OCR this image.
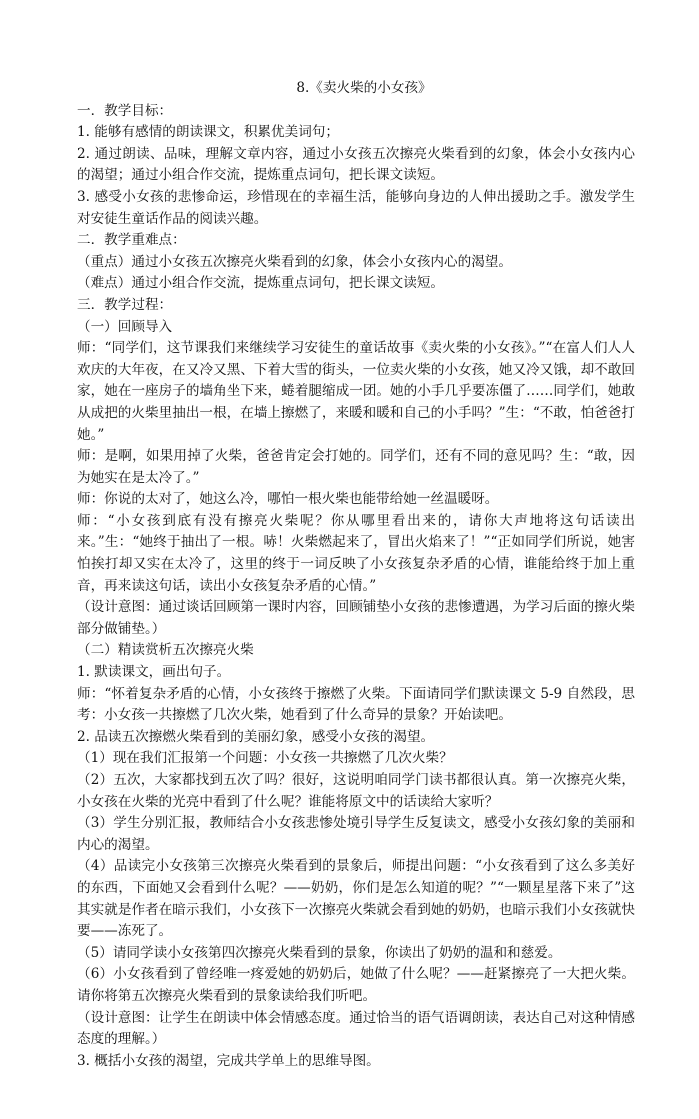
8.《卖火柴的小女孩》

一．教学目标：

1. 能够有感情的朗读课文，积累优美词句；

2. 通过朗读、品味，理解文章内容，通过小女孩五次擦亮火柴看到的幻象，体会小女孩内心的渴望；通过小组合作交流，提炼重点词句，把长课文读短。

3. 感受小女孩的悲惨命运，珍惜现在的幸福生活，能够向身边的人伸出援助之手。激发学生对安徒生童话作品的阅读兴趣。

二．教学重难点：

（重点）通过小女孩五次擦亮火柴看到的幻象，体会小女孩内心的渴望。

（难点）通过小组合作交流，提炼重点词句，把长课文读短。

三．教学过程：

（一）回顾导入

师：“同学们，这节课我们来继续学习安徒生的童话故事《卖火柴的小女孩》。”“在富人们人人欢庆的大年夜，在又冷又黑、下着大雪的街头，一位卖火柴的小女孩，她又冷又饿，却不敢回家，她在一座房子的墙角坐下来，蜷着腿缩成一团。她的小手几乎要冻僵了……同学们，她敢从成把的火柴里抽出一根，在墙上擦燃了，来暖和暖和自己的小手吗？”生：“不敢，怕爸爸打她。”

师：是啊，如果用掉了火柴，爸爸肯定会打她的。同学们，还有不同的意见吗？生：“敢，因为她实在是太冷了。”

师：你说的太对了，她这么冷，哪怕一根火柴也能带给她一丝温暖呀。

师：“小女孩到底有没有擦亮火柴呢？你从哪里看出来的，请你大声地将这句话读出来。”生：“她终于抽出了一根。哧！火柴燃起来了，冒出火焰来了！”“正如同学们所说，她害怕挨打却又实在太冷了，这里的终于一词反映了小女孩复杂矛盾的心情，谁能给终于加上重音，再来读这句话，读出小女孩复杂矛盾的心情。”

（设计意图：通过谈话回顾第一课时内容，回顾铺垫小女孩的悲惨遭遇，为学习后面的擦火柴部分做铺垫。）

（二）精读赏析五次擦亮火柴

1. 默读课文，画出句子。

师：“怀着复杂矛盾的心情，小女孩终于擦燃了火柴。下面请同学们默读课文 5-9 自然段，思考：小女孩一共擦燃了几次火柴，她看到了什么奇异的景象？开始读吧。

2. 品读五次擦燃火柴看到的美丽幻象，感受小女孩的渴望。

（1）现在我们汇报第一个问题：小女孩一共擦燃了几次火柴？

（2）五次，大家都找到五次了吗？很好，这说明咱同学门读书都很认真。第一次擦亮火柴，小女孩在火柴的光亮中看到了什么呢？谁能将原文中的话读给大家听？

（3）学生分别汇报，教师结合小女孩悲惨处境引导学生反复读文，感受小女孩幻象的美丽和内心的渴望。

（4）品读完小女孩第三次擦亮火柴看到的景象后，师提出问题：“小女孩看到了这么多美好的东西，下面她又会看到什么呢？——奶奶，你们是怎么知道的呢？”“一颗星星落下来了”这其实就是作者在暗示我们，小女孩下一次擦亮火柴就会看到她的奶奶，也暗示我们小女孩就快要——冻死了。

（5）请同学读小女孩第四次擦亮火柴看到的景象，你读出了奶奶的温和和慈爱。

（6）小女孩看到了曾经唯一疼爱她的奶奶后，她做了什么呢？——赶紧擦亮了一大把火柴。请你将第五次擦亮火柴看到的景象读给我们听吧。

（设计意图：让学生在朗读中体会情感态度。通过恰当的语气语调朗读，表达自己对这种情感态度的理解。）

3. 概括小女孩的渴望，完成共学单上的思维导图。
